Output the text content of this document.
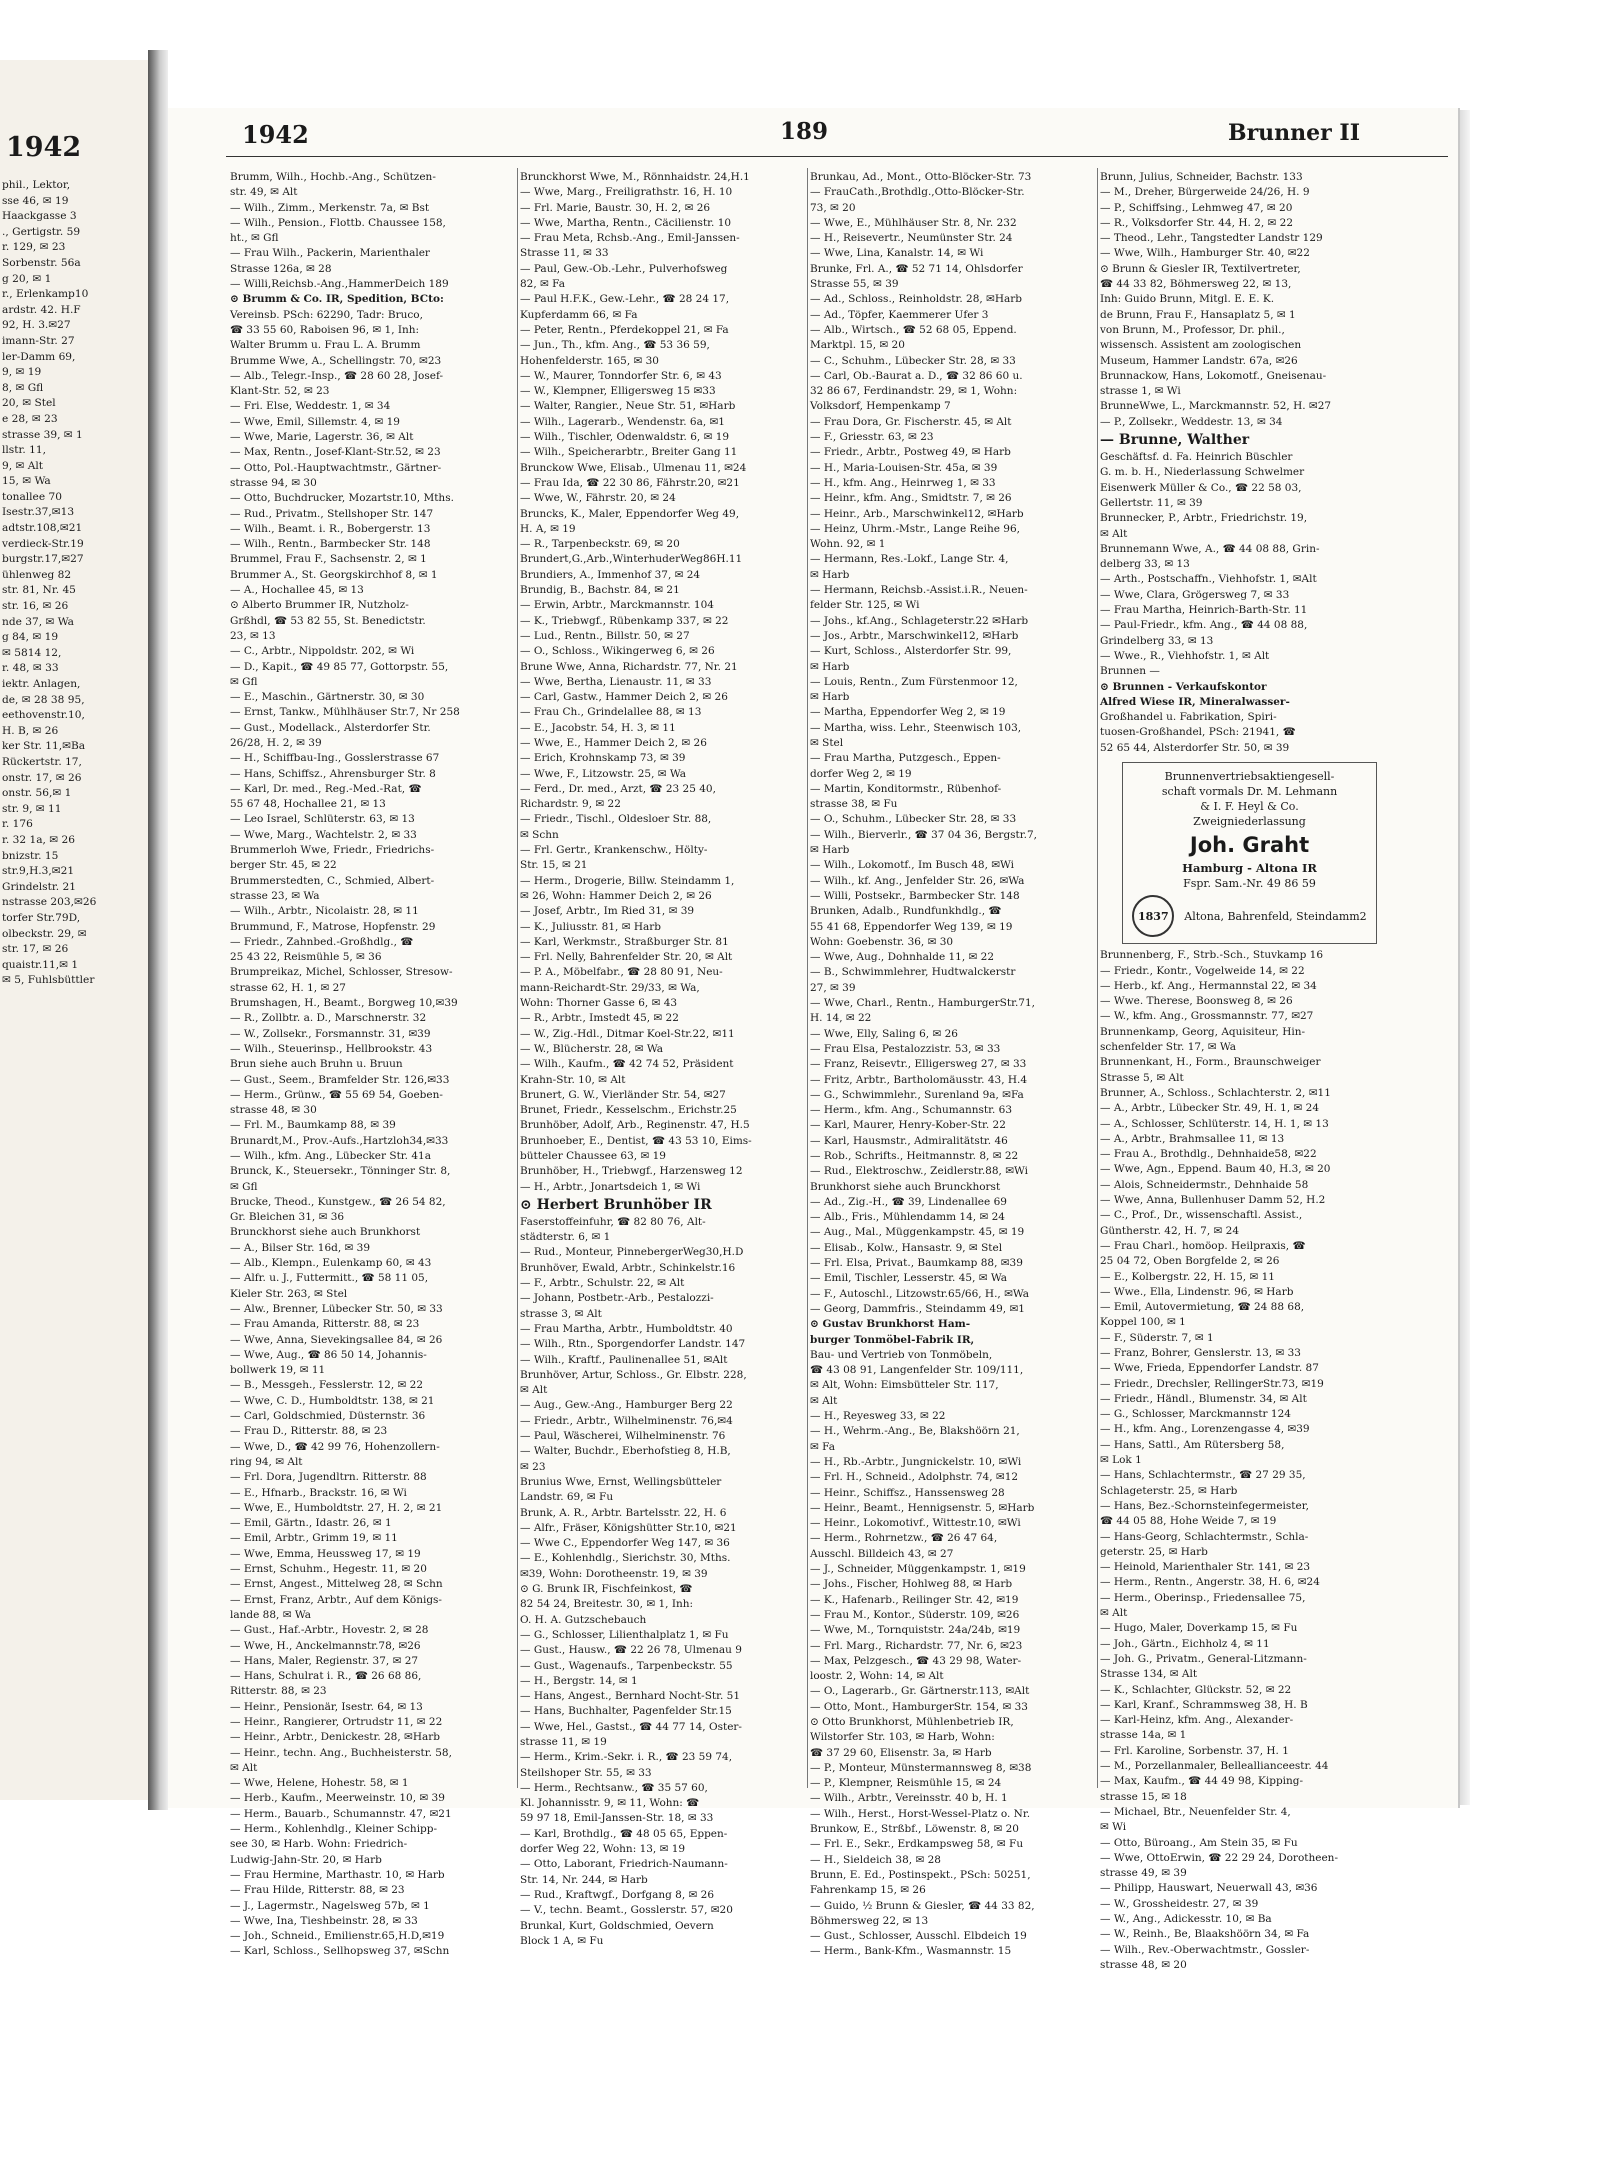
1942
phil., Lektor,
sse 46, ✉ 19
Haackgasse 3
., Gertigstr. 59
r. 129, ✉ 23
Sorbenstr. 56a
g 20, ✉ 1
r., Erlenkamp10
ardstr. 42. H.F
92, H. 3.✉27
imann-Str. 27
ler-Damm 69,
9, ✉ 19
8, ✉ Gfl
20, ✉ Stel
e 28, ✉ 23
strasse 39, ✉ 1
llstr. 11,
9, ✉ Alt
15, ✉ Wa
tonallee 70
Isestr.37,✉13
adtstr.108,✉21
verdieck-Str.19
burgstr.17,✉27
ühlenweg 82
str. 81, Nr. 45
str. 16, ✉ 26
nde 37, ✉ Wa
g 84, ✉ 19
✉ 5814 12,
r. 48, ✉ 33
iektr. Anlagen,
de, ✉ 28 38 95,
eethovenstr.10,
H. B, ✉ 26
ker Str. 11,✉Ba
Rückertstr. 17,
onstr. 17, ✉ 26
onstr. 56,✉ 1
str. 9, ✉ 11
r. 176
r. 32 1a, ✉ 26
bnizstr. 15
str.9,H.3,✉21
Grindelstr. 21
nstrasse 203,✉26
torfer Str.79D,
olbeckstr. 29, ✉
str. 17, ✉ 26
quaistr.11,✉ 1
✉ 5, Fuhlsbüttler
1942	189	Brunner II

Brumm, Wilh., Hochb.-Ang., Schützen-

str. 49, ✉ Alt

— Wilh., Zimm., Merkenstr. 7a, ✉ Bst

— Wilh., Pension., Flottb. Chaussee 158,

ht., ✉ Gfl

— Frau Wilh., Packerin, Marienthaler

Strasse 126a, ✉ 28

— Willi,Reichsb.-Ang.,HammerDeich 189

⊙ Brumm & Co. IR, Spedition, BCto:

Vereinsb. PSch: 62290, Tadr: Bruco,

☎ 33 55 60, Raboisen 96, ✉ 1, Inh:

Walter Brumm u. Frau L. A. Brumm

Brumme Wwe, A., Schellingstr. 70, ✉23

— Alb., Telegr.-Insp., ☎ 28 60 28, Josef-

Klant-Str. 52, ✉ 23

— Fri. Else, Weddestr. 1, ✉ 34

— Wwe, Emil, Sillemstr. 4, ✉ 19

— Wwe, Marie, Lagerstr. 36, ✉ Alt

— Max, Rentn., Josef-Klant-Str.52, ✉ 23

— Otto, Pol.-Hauptwachtmstr., Gärtner-

strasse 94, ✉ 30

— Otto, Buchdrucker, Mozartstr.10, Mths.

— Rud., Privatm., Stellshoper Str. 147

— Wilh., Beamt. i. R., Bobergerstr. 13

— Wilh., Rentn., Barmbecker Str. 148

Brummel, Frau F., Sachsenstr. 2, ✉ 1

Brummer A., St. Georgskirchhof 8, ✉ 1

— A., Hochallee 45, ✉ 13

⊙ Alberto Brummer IR, Nutzholz-

Grßhdl, ☎ 53 82 55, St. Benedictstr.

23, ✉ 13

— C., Arbtr., Nippoldstr. 202, ✉ Wi

— D., Kapit., ☎ 49 85 77, Gottorpstr. 55,

✉ Gfl

— E., Maschin., Gärtnerstr. 30, ✉ 30

— Ernst, Tankw., Mühlhäuser Str.7, Nr 258

— Gust., Modellack., Alsterdorfer Str.

26/28, H. 2, ✉ 39

— H., Schiffbau-Ing., Gosslerstrasse 67

— Hans, Schiffsz., Ahrensburger Str. 8

— Karl, Dr. med., Reg.-Med.-Rat, ☎

55 67 48, Hochallee 21, ✉ 13

— Leo Israel, Schlüterstr. 63, ✉ 13

— Wwe, Marg., Wachtelstr. 2, ✉ 33

Brummerloh Wwe, Friedr., Friedrichs-

berger Str. 45, ✉ 22

Brummerstedten, C., Schmied, Albert-

strasse 23, ✉ Wa

— Wilh., Arbtr., Nicolaistr. 28, ✉ 11

Brummund, F., Matrose, Hopfenstr. 29

— Friedr., Zahnbed.-Großhdlg., ☎

25 43 22, Reismühle 5, ✉ 36

Brumpreikaz, Michel, Schlosser, Stresow-

strasse 62, H. 1, ✉ 27

Brumshagen, H., Beamt., Borgweg 10,✉39

— R., Zollbtr. a. D., Marschnerstr. 32

— W., Zollsekr., Forsmannstr. 31, ✉39

— Wilh., Steuerinsp., Hellbrookstr. 43

Brun siehe auch Bruhn u. Bruun

— Gust., Seem., Bramfelder Str. 126,✉33

— Herm., Grünw., ☎ 55 69 54, Goeben-

strasse 48, ✉ 30

— Frl. M., Baumkamp 88, ✉ 39

Brunardt,M., Prov.-Aufs.,Hartzloh34,✉33

— Wilh., kfm. Ang., Lübecker Str. 41a

Brunck, K., Steuersekr., Tönninger Str. 8,

✉ Gfl

Brucke, Theod., Kunstgew., ☎ 26 54 82,

Gr. Bleichen 31, ✉ 36

Brunckhorst siehe auch Brunkhorst

— A., Bilser Str. 16d, ✉ 39

— Alb., Klempn., Eulenkamp 60, ✉ 43

— Alfr. u. J., Futtermitt., ☎ 58 11 05,

Kieler Str. 263, ✉ Stel

— Alw., Brenner, Lübecker Str. 50, ✉ 33

— Frau Amanda, Ritterstr. 88, ✉ 23

— Wwe, Anna, Sievekingsallee 84, ✉ 26

— Wwe, Aug., ☎ 86 50 14, Johannis-

bollwerk 19, ✉ 11

— B., Messgeh., Fesslerstr. 12, ✉ 22

— Wwe, C. D., Humboldtstr. 138, ✉ 21

— Carl, Goldschmied, Düsternstr. 36

— Frau D., Ritterstr. 88, ✉ 23

— Wwe, D., ☎ 42 99 76, Hohenzollern-

ring 94, ✉ Alt

— Frl. Dora, Jugendltrn. Ritterstr. 88

— E., Hfnarb., Brackstr. 16, ✉ Wi

— Wwe, E., Humboldtstr. 27, H. 2, ✉ 21

— Emil, Gärtn., Idastr. 26, ✉ 1

— Emil, Arbtr., Grimm 19, ✉ 11

— Wwe, Emma, Heussweg 17, ✉ 19

— Ernst, Schuhm., Hegestr. 11, ✉ 20

— Ernst, Angest., Mittelweg 28, ✉ Schn

— Ernst, Franz, Arbtr., Auf dem Königs-

lande 88, ✉ Wa

— Gust., Haf.-Arbtr., Hovestr. 2, ✉ 28

— Wwe, H., Anckelmannstr.78, ✉26

— Hans, Maler, Regienstr. 37, ✉ 27

— Hans, Schulrat i. R., ☎ 26 68 86,

Ritterstr. 88, ✉ 23

— Heinr., Pensionär, Isestr. 64, ✉ 13

— Heinr., Rangierer, Ortrudstr 11, ✉ 22

— Heinr., Arbtr., Denickestr. 28, ✉Harb

— Heinr., techn. Ang., Buchheisterstr. 58,

✉ Alt

— Wwe, Helene, Hohestr. 58, ✉ 1

— Herb., Kaufm., Meerweinstr. 10, ✉ 39

— Herm., Bauarb., Schumannstr. 47, ✉21

— Herm., Kohlenhdlg., Kleiner Schipp-

see 30, ✉ Harb. Wohn: Friedrich-

Ludwig-Jahn-Str. 20, ✉ Harb

— Frau Hermine, Marthastr. 10, ✉ Harb

— Frau Hilde, Ritterstr. 88, ✉ 23

— J., Lagermstr., Nagelsweg 57b, ✉ 1

— Wwe, Ina, Tieshbeinstr. 28, ✉ 33

— Joh., Schneid., Emilienstr.65,H.D,✉19

— Karl, Schloss., Sellhopsweg 37, ✉Schn

Brunckhorst Wwe, M., Rönnhaidstr. 24,H.1

— Wwe, Marg., Freiligrathstr. 16, H. 10

— Frl. Marie, Baustr. 30, H. 2, ✉ 26

— Wwe, Martha, Rentn., Cäcilienstr. 10

— Frau Meta, Rchsb.-Ang., Emil-Janssen-

Strasse 11, ✉ 33

— Paul, Gew.-Ob.-Lehr., Pulverhofsweg

82, ✉ Fa

— Paul H.F.K., Gew.-Lehr., ☎ 28 24 17,

Kupferdamm 66, ✉ Fa

— Peter, Rentn., Pferdekoppel 21, ✉ Fa

— Jun., Th., kfm. Ang., ☎ 53 36 59,

Hohenfelderstr. 165, ✉ 30

— W., Maurer, Tonndorfer Str. 6, ✉ 43

— W., Klempner, Elligersweg 15 ✉33

— Walter, Rangier., Neue Str. 51, ✉Harb

— Wilh., Lagerarb., Wendenstr. 6a, ✉1

— Wilh., Tischler, Odenwaldstr. 6, ✉ 19

— Wilh., Speicherarbtr., Breiter Gang 11

Brunckow Wwe, Elisab., Ulmenau 11, ✉24

— Frau Ida, ☎ 22 30 86, Fährstr.20, ✉21

— Wwe, W., Fährstr. 20, ✉ 24

Bruncks, K., Maler, Eppendorfer Weg 49,

H. A, ✉ 19

— R., Tarpenbeckstr. 69, ✉ 20

Brundert,G.,Arb.,WinterhuderWeg86H.11

Brundiers, A., Immenhof 37, ✉ 24

Brundig, B., Bachstr. 84, ✉ 21

— Erwin, Arbtr., Marckmannstr. 104

— K., Triebwgf., Rübenkamp 337, ✉ 22

— Lud., Rentn., Billstr. 50, ✉ 27

— O., Schloss., Wikingerweg 6, ✉ 26

Brune Wwe, Anna, Richardstr. 77, Nr. 21

— Wwe, Bertha, Lienaustr. 11, ✉ 33

— Carl, Gastw., Hammer Deich 2, ✉ 26

— Frau Ch., Grindelallee 88, ✉ 13

— E., Jacobstr. 54, H. 3, ✉ 11

— Wwe, E., Hammer Deich 2, ✉ 26

— Erich, Krohnskamp 73, ✉ 39

— Wwe, F., Litzowstr. 25, ✉ Wa

— Ferd., Dr. med., Arzt, ☎ 23 25 40,

Richardstr. 9, ✉ 22

— Friedr., Tischl., Oldesloer Str. 88,

✉ Schn

— Frl. Gertr., Krankenschw., Hölty-

Str. 15, ✉ 21

— Herm., Drogerie, Billw. Steindamm 1,

✉ 26, Wohn: Hammer Deich 2, ✉ 26

— Josef, Arbtr., Im Ried 31, ✉ 39

— K., Juliusstr. 81, ✉ Harb

— Karl, Werkmstr., Straßburger Str. 81

— Frl. Nelly, Bahrenfelder Str. 20, ✉ Alt

— P. A., Möbelfabr., ☎ 28 80 91, Neu-

mann-Reichardt-Str. 29/33, ✉ Wa,

Wohn: Thorner Gasse 6, ✉ 43

— R., Arbtr., Imstedt 45, ✉ 22

— W., Zig.-Hdl., Ditmar Koel-Str.22, ✉11

— W., Blücherstr. 28, ✉ Wa

— Wilh., Kaufm., ☎ 42 74 52, Präsident

Krahn-Str. 10, ✉ Alt

Brunert, G. W., Vierländer Str. 54, ✉27

Brunet, Friedr., Kesselschm., Erichstr.25

Brunhöber, Adolf, Arb., Reginenstr. 47, H.5

Brunhoeber, E., Dentist, ☎ 43 53 10, Eims-

bütteler Chaussee 63, ✉ 19

Brunhöber, H., Triebwgf., Harzensweg 12

— H., Arbtr., Jonartsdeich 1, ✉ Wi

⊙ Herbert Brunhöber IR

Faserstoffeinfuhr, ☎ 82 80 76, Alt-

städterstr. 6, ✉ 1

— Rud., Monteur, PinnebergerWeg30,H.D

Brunhöver, Ewald, Arbtr., Schinkelstr.16

— F., Arbtr., Schulstr. 22, ✉ Alt

— Johann, Postbetr.-Arb., Pestalozzi-

strasse 3, ✉ Alt

— Frau Martha, Arbtr., Humboldtstr. 40

— Wilh., Rtn., Sporgendorfer Landstr. 147

— Wilh., Kraftf., Paulinenallee 51, ✉Alt

Brunhöver, Artur, Schloss., Gr. Elbstr. 228,

✉ Alt

— Aug., Gew.-Ang., Hamburger Berg 22

— Friedr., Arbtr., Wilhelminenstr. 76,✉4

— Paul, Wäscherei, Wilhelminenstr. 76

— Walter, Buchdr., Eberhofstieg 8, H.B,

✉ 23

Brunius Wwe, Ernst, Wellingsbütteler

Landstr. 69, ✉ Fu

Brunk, A. R., Arbtr. Bartelsstr. 22, H. 6

— Alfr., Fräser, Königshütter Str.10, ✉21

— Wwe C., Eppendorfer Weg 147, ✉ 36

— E., Kohlenhdlg., Sierichstr. 30, Mths.

✉39, Wohn: Dorotheenstr. 19, ✉ 39

⊙ G. Brunk IR, Fischfeinkost, ☎

82 54 24, Breitestr. 30, ✉ 1, Inh:

O. H. A. Gutzschebauch

— G., Schlosser, Lilienthalplatz 1, ✉ Fu

— Gust., Hausw., ☎ 22 26 78, Ulmenau 9

— Gust., Wagenaufs., Tarpenbeckstr. 55

— H., Bergstr. 14, ✉ 1

— Hans, Angest., Bernhard Nocht-Str. 51

— Hans, Buchhalter, Pagenfelder Str.15

— Wwe, Hel., Gastst., ☎ 44 77 14, Oster-

strasse 11, ✉ 19

— Herm., Krim.-Sekr. i. R., ☎ 23 59 74,

Steilshoper Str. 55, ✉ 33

— Herm., Rechtsanw., ☎ 35 57 60,

Kl. Johannisstr. 9, ✉ 11, Wohn: ☎

59 97 18, Emil-Janssen-Str. 18, ✉ 33

— Karl, Brothdlg., ☎ 48 05 65, Eppen-

dorfer Weg 22, Wohn: 13, ✉ 19

— Otto, Laborant, Friedrich-Naumann-

Str. 14, Nr. 244, ✉ Harb

— Rud., Kraftwgf., Dorfgang 8, ✉ 26

— V., techn. Beamt., Gosslerstr. 57, ✉20

Brunkal, Kurt, Goldschmied, Oevern

Block 1 A, ✉ Fu

Brunkau, Ad., Mont., Otto-Blöcker-Str. 73

— FrauCath.,Brothdlg.,Otto-Blöcker-Str.

73, ✉ 20

— Wwe, E., Mühlhäuser Str. 8, Nr. 232

— H., Reisevertr., Neumünster Str. 24

— Wwe, Lina, Kanalstr. 14, ✉ Wi

Brunke, Frl. A., ☎ 52 71 14, Ohlsdorfer

Strasse 55, ✉ 39

— Ad., Schloss., Reinholdstr. 28, ✉Harb

— Ad., Töpfer, Kaemmerer Ufer 3

— Alb., Wirtsch., ☎ 52 68 05, Eppend.

Marktpl. 15, ✉ 20

— C., Schuhm., Lübecker Str. 28, ✉ 33

— Carl, Ob.-Baurat a. D., ☎ 32 86 60 u.

32 86 67, Ferdinandstr. 29, ✉ 1, Wohn:

Volksdorf, Hempenkamp 7

— Frau Dora, Gr. Fischerstr. 45, ✉ Alt

— F., Griesstr. 63, ✉ 23

— Friedr., Arbtr., Postweg 49, ✉ Harb

— H., Maria-Louisen-Str. 45a, ✉ 39

— H., kfm. Ang., Heinrweg 1, ✉ 33

— Heinr., kfm. Ang., Smidtstr. 7, ✉ 26

— Heinr., Arb., Marschwinkel12, ✉Harb

— Heinz, Uhrm.-Mstr., Lange Reihe 96,

Wohn. 92, ✉ 1

— Hermann, Res.-Lokf., Lange Str. 4,

✉ Harb

— Hermann, Reichsb.-Assist.i.R., Neuen-

felder Str. 125, ✉ Wi

— Johs., kf.Ang., Schlageterstr.22 ✉Harb

— Jos., Arbtr., Marschwinkel12, ✉Harb

— Kurt, Schloss., Alsterdorfer Str. 99,

✉ Harb

— Louis, Rentn., Zum Fürstenmoor 12,

✉ Harb

— Martha, Eppendorfer Weg 2, ✉ 19

— Martha, wiss. Lehr., Steenwisch 103,

✉ Stel

— Frau Martha, Putzgesch., Eppen-

dorfer Weg 2, ✉ 19

— Martin, Konditormstr., Rübenhof-

strasse 38, ✉ Fu

— O., Schuhm., Lübecker Str. 28, ✉ 33

— Wilh., Bierverlr., ☎ 37 04 36, Bergstr.7,

✉ Harb

— Wilh., Lokomotf., Im Busch 48, ✉Wi

— Wilh., kf. Ang., Jenfelder Str. 26, ✉Wa

— Willi, Postsekr., Barmbecker Str. 148

Brunken, Adalb., Rundfunkhdlg., ☎

55 41 68, Eppendorfer Weg 139, ✉ 19

Wohn: Goebenstr. 36, ✉ 30

— Wwe, Aug., Dohnhalde 11, ✉ 22

— B., Schwimmlehrer, Hudtwalckerstr

27, ✉ 39

— Wwe, Charl., Rentn., HamburgerStr.71,

H. 14, ✉ 22

— Wwe, Elly, Saling 6, ✉ 26

— Frau Elsa, Pestalozzistr. 53, ✉ 33

— Franz, Reisevtr., Elligersweg 27, ✉ 33

— Fritz, Arbtr., Bartholomäusstr. 43, H.4

— G., Schwimmlehr., Surenland 9a, ✉Fa

— Herm., kfm. Ang., Schumannstr. 63

— Karl, Maurer, Henry-Kober-Str. 22

— Karl, Hausmstr., Admiralitätstr. 46

— Rob., Schrifts., Heitmannstr. 8, ✉ 22

— Rud., Elektroschw., Zeidlerstr.88, ✉Wi

Brunkhorst siehe auch Brunckhorst

— Ad., Zig.-H., ☎ 39, Lindenallee 69

— Alb., Fris., Mühlendamm 14, ✉ 24

— Aug., Mal., Müggenkampstr. 45, ✉ 19

— Elisab., Kolw., Hansastr. 9, ✉ Stel

— Frl. Elsa, Privat., Baumkamp 88, ✉39

— Emil, Tischler, Lesserstr. 45, ✉ Wa

— F., Autoschl., Litzowstr.65/66, H., ✉Wa

— Georg, Dammfris., Steindamm 49, ✉1

⊙ Gustav Brunkhorst Ham-

burger Tonmöbel-Fabrik IR,

Bau- und Vertrieb von Tonmöbeln,

☎ 43 08 91, Langenfelder Str. 109/111,

✉ Alt, Wohn: Eimsbütteler Str. 117,

✉ Alt

— H., Reyesweg 33, ✉ 22

— H., Wehrm.-Ang., Be, Blakshöörn 21,

✉ Fa

— H., Rb.-Arbtr., Jungnickelstr. 10, ✉Wi

— Frl. H., Schneid., Adolphstr. 74, ✉12

— Heinr., Schiffsz., Hanssensweg 28

— Heinr., Beamt., Hennigsenstr. 5, ✉Harb

— Heinr., Lokomotivf., Wittestr.10, ✉Wi

— Herm., Rohrnetzw., ☎ 26 47 64,

Ausschl. Billdeich 43, ✉ 27

— J., Schneider, Müggenkampstr. 1, ✉19

— Johs., Fischer, Hohlweg 88, ✉ Harb

— K., Hafenarb., Reilinger Str. 42, ✉19

— Frau M., Kontor., Süderstr. 109, ✉26

— Wwe, M., Tornquiststr. 24a/24b, ✉19

— Frl. Marg., Richardstr. 77, Nr. 6, ✉23

— Max, Pelzgesch., ☎ 43 29 98, Water-

loostr. 2, Wohn: 14, ✉ Alt

— O., Lagerarb., Gr. Gärtnerstr.113, ✉Alt

— Otto, Mont., HamburgerStr. 154, ✉ 33

⊙ Otto Brunkhorst, Mühlenbetrieb IR,

Wilstorfer Str. 103, ✉ Harb, Wohn:

☎ 37 29 60, Elisenstr. 3a, ✉ Harb

— P., Monteur, Münstermannsweg 8, ✉38

— P., Klempner, Reismühle 15, ✉ 24

— Wilh., Arbtr., Vereinsstr. 40 b, H. 1

— Wilh., Herst., Horst-Wessel-Platz o. Nr.

Brunkow, E., Strßbf., Löwenstr. 8, ✉ 20

— Frl. E., Sekr., Erdkampsweg 58, ✉ Fu

— H., Sieldeich 38, ✉ 28

Brunn, E. Ed., Postinspekt., PSch: 50251,

Fahrenkamp 15, ✉ 26

— Guido, ½ Brunn & Giesler, ☎ 44 33 82,

Böhmersweg 22, ✉ 13

— Gust., Schlosser, Ausschl. Elbdeich 19

— Herm., Bank-Kfm., Wasmannstr. 15

Brunn, Julius, Schneider, Bachstr. 133

— M., Dreher, Bürgerweide 24/26, H. 9

— P., Schiffsing., Lehmweg 47, ✉ 20

— R., Volksdorfer Str. 44, H. 2, ✉ 22

— Theod., Lehr., Tangstedter Landstr 129

— Wwe, Wilh., Hamburger Str. 40, ✉22

⊙ Brunn & Giesler IR, Textilvertreter,

☎ 44 33 82, Böhmersweg 22, ✉ 13,

Inh: Guido Brunn, Mitgl. E. E. K.

de Brunn, Frau F., Hansaplatz 5, ✉ 1

von Brunn, M., Professor, Dr. phil.,

wissensch. Assistent am zoologischen

Museum, Hammer Landstr. 67a, ✉26

Brunnackow, Hans, Lokomotf., Gneisenau-

strasse 1, ✉ Wi

BrunneWwe, L., Marckmannstr. 52, H. ✉27

— P., Zollsekr., Weddestr. 13, ✉ 34

— Brunne, Walther

Geschäftsf. d. Fa. Heinrich Büschler

G. m. b. H., Niederlassung Schwelmer

Eisenwerk Müller & Co., ☎ 22 58 03,

Gellertstr. 11, ✉ 39

Brunnecker, P., Arbtr., Friedrichstr. 19,

✉ Alt

Brunnemann Wwe, A., ☎ 44 08 88, Grin-

delberg 33, ✉ 13

— Arth., Postschaffn., Viehhofstr. 1, ✉Alt

— Wwe, Clara, Grögersweg 7, ✉ 33

— Frau Martha, Heinrich-Barth-Str. 11

— Paul-Friedr., kfm. Ang., ☎ 44 08 88,

Grindelberg 33, ✉ 13

— Wwe., R., Viehhofstr. 1, ✉ Alt

Brunnen —

⊙ Brunnen - Verkaufskontor

Alfred Wiese IR, Mineralwasser-

Großhandel u. Fabrikation, Spiri-

tuosen-Großhandel, PSch: 21941, ☎

52 65 44, Alsterdorfer Str. 50, ✉ 39

Brunnenvertriebsaktiengesell-
schaft vormals Dr. M. Lehmann
& I. F. Heyl & Co.
Zweigniederlassung
Joh. Graht
Hamburg - Altona IR
Fspr. Sam.-Nr. 49 86 59
1837	Altona, Bahrenfeld, Steindamm2

Brunnenberg, F., Strb.-Sch., Stuvkamp 16

— Friedr., Kontr., Vogelweide 14, ✉ 22

— Herb., kf. Ang., Hermannstal 22, ✉ 34

— Wwe. Therese, Boonsweg 8, ✉ 26

— W., kfm. Ang., Grossmannstr. 77, ✉27

Brunnenkamp, Georg, Aquisiteur, Hin-

schenfelder Str. 17, ✉ Wa

Brunnenkant, H., Form., Braunschweiger

Strasse 5, ✉ Alt

Brunner, A., Schloss., Schlachterstr. 2, ✉11

— A., Arbtr., Lübecker Str. 49, H. 1, ✉ 24

— A., Schlosser, Schlüterstr. 14, H. 1, ✉ 13

— A., Arbtr., Brahmsallee 11, ✉ 13

— Frau A., Brothdlg., Dehnhaide58, ✉22

— Wwe, Agn., Eppend. Baum 40, H.3, ✉ 20

— Alois, Schneidermstr., Dehnhaide 58

— Wwe, Anna, Bullenhuser Damm 52, H.2

— C., Prof., Dr., wissenschaftl. Assist.,

Güntherstr. 42, H. 7, ✉ 24

— Frau Charl., homöop. Heilpraxis, ☎

25 04 72, Oben Borgfelde 2, ✉ 26

— E., Kolbergstr. 22, H. 15, ✉ 11

— Wwe., Ella, Lindenstr. 96, ✉ Harb

— Emil, Autovermietung, ☎ 24 88 68,

Koppel 100, ✉ 1

— F., Süderstr. 7, ✉ 1

— Franz, Bohrer, Genslerstr. 13, ✉ 33

— Wwe, Frieda, Eppendorfer Landstr. 87

— Friedr., Drechsler, RellingerStr.73, ✉19

— Friedr., Händl., Blumenstr. 34, ✉ Alt

— G., Schlosser, Marckmannstr 124

— H., kfm. Ang., Lorenzengasse 4, ✉39

— Hans, Sattl., Am Rütersberg 58,

✉ Lok 1

— Hans, Schlachtermstr., ☎ 27 29 35,

Schlageterstr. 25, ✉ Harb

— Hans, Bez.-Schornsteinfegermeister,

☎ 44 05 88, Hohe Weide 7, ✉ 19

— Hans-Georg, Schlachtermstr., Schla-

geterstr. 25, ✉ Harb

— Heinold, Marienthaler Str. 141, ✉ 23

— Herm., Rentn., Angerstr. 38, H. 6, ✉24

— Herm., Oberinsp., Friedensallee 75,

✉ Alt

— Hugo, Maler, Doverkamp 15, ✉ Fu

— Joh., Gärtn., Eichholz 4, ✉ 11

— Joh. G., Privatm., General-Litzmann-

Strasse 134, ✉ Alt

— K., Schlachter, Glückstr. 52, ✉ 22

— Karl, Kranf., Schrammsweg 38, H. B

— Karl-Heinz, kfm. Ang., Alexander-

strasse 14a, ✉ 1

— Frl. Karoline, Sorbenstr. 37, H. 1

— M., Porzellanmaler, Belleallianceestr. 44

— Max, Kaufm., ☎ 44 49 98, Kipping-

strasse 15, ✉ 18

— Michael, Btr., Neuenfelder Str. 4,

✉ Wi

— Otto, Büroang., Am Stein 35, ✉ Fu

— Wwe, OttoErwin, ☎ 22 29 24, Dorotheen-

strasse 49, ✉ 39

— Philipp, Hauswart, Neuerwall 43, ✉36

— W., Grossheidestr. 27, ✉ 39

— W., Ang., Adickesstr. 10, ✉ Ba

— W., Reinh., Be, Blaakshöörn 34, ✉ Fa

— Wilh., Rev.-Oberwachtmstr., Gossler-

strasse 48, ✉ 20
